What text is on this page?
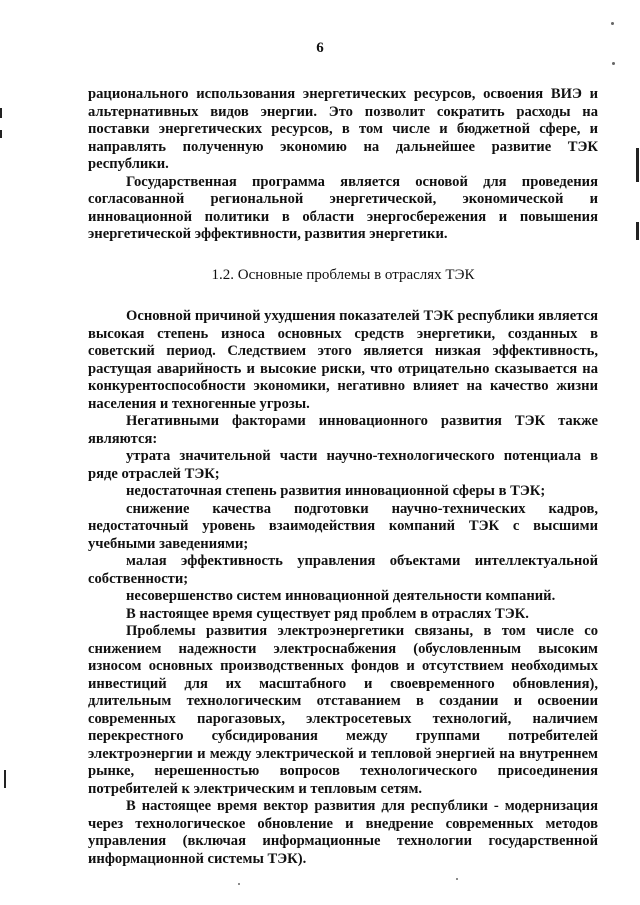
6

рационального использования энергетических ресурсов, освоения ВИЭ и альтернативных видов энергии. Это позволит сократить расходы на поставки энергетических ресурсов, в том числе и бюджетной сфере, и направлять полученную экономию на дальнейшее развитие ТЭК республики.

Государственная программа является основой для проведения согласованной региональной энергетической, экономической и инновационной политики в области энергосбережения и повышения энергетической эффективности, развития энергетики.

1.2. Основные проблемы в отраслях ТЭК

Основной причиной ухудшения показателей ТЭК республики является высокая степень износа основных средств энергетики, созданных в советский период. Следствием этого является низкая эффективность, растущая аварийность и высокие риски, что отрицательно сказывается на конкурентоспособности экономики, негативно влияет на качество жизни населения и техногенные угрозы.

Негативными факторами инновационного развития ТЭК также являются:

утрата значительной части научно-технологического потенциала в ряде отраслей ТЭК;

недостаточная степень развития инновационной сферы в ТЭК;

снижение качества подготовки научно-технических кадров, недостаточный уровень взаимодействия компаний ТЭК с высшими учебными заведениями;

малая эффективность управления объектами интеллектуальной собственности;

несовершенство систем инновационной деятельности компаний.

В настоящее время существует ряд проблем в отраслях ТЭК.

Проблемы развития электроэнергетики связаны, в том числе со снижением надежности электроснабжения (обусловленным высоким износом основных производственных фондов и отсутствием необходимых инвестиций для их масштабного и своевременного обновления), длительным технологическим отставанием в создании и освоении современных парогазовых, электросетевых технологий, наличием перекрестного субсидирования между группами потребителей электроэнергии и между электрической и тепловой энергией на внутреннем рынке, нерешенностью вопросов технологического присоединения потребителей к электрическим и тепловым сетям.

В настоящее время вектор развития для республики - модернизация через технологическое обновление и внедрение современных методов управления (включая информационные технологии государственной информационной системы ТЭК).
